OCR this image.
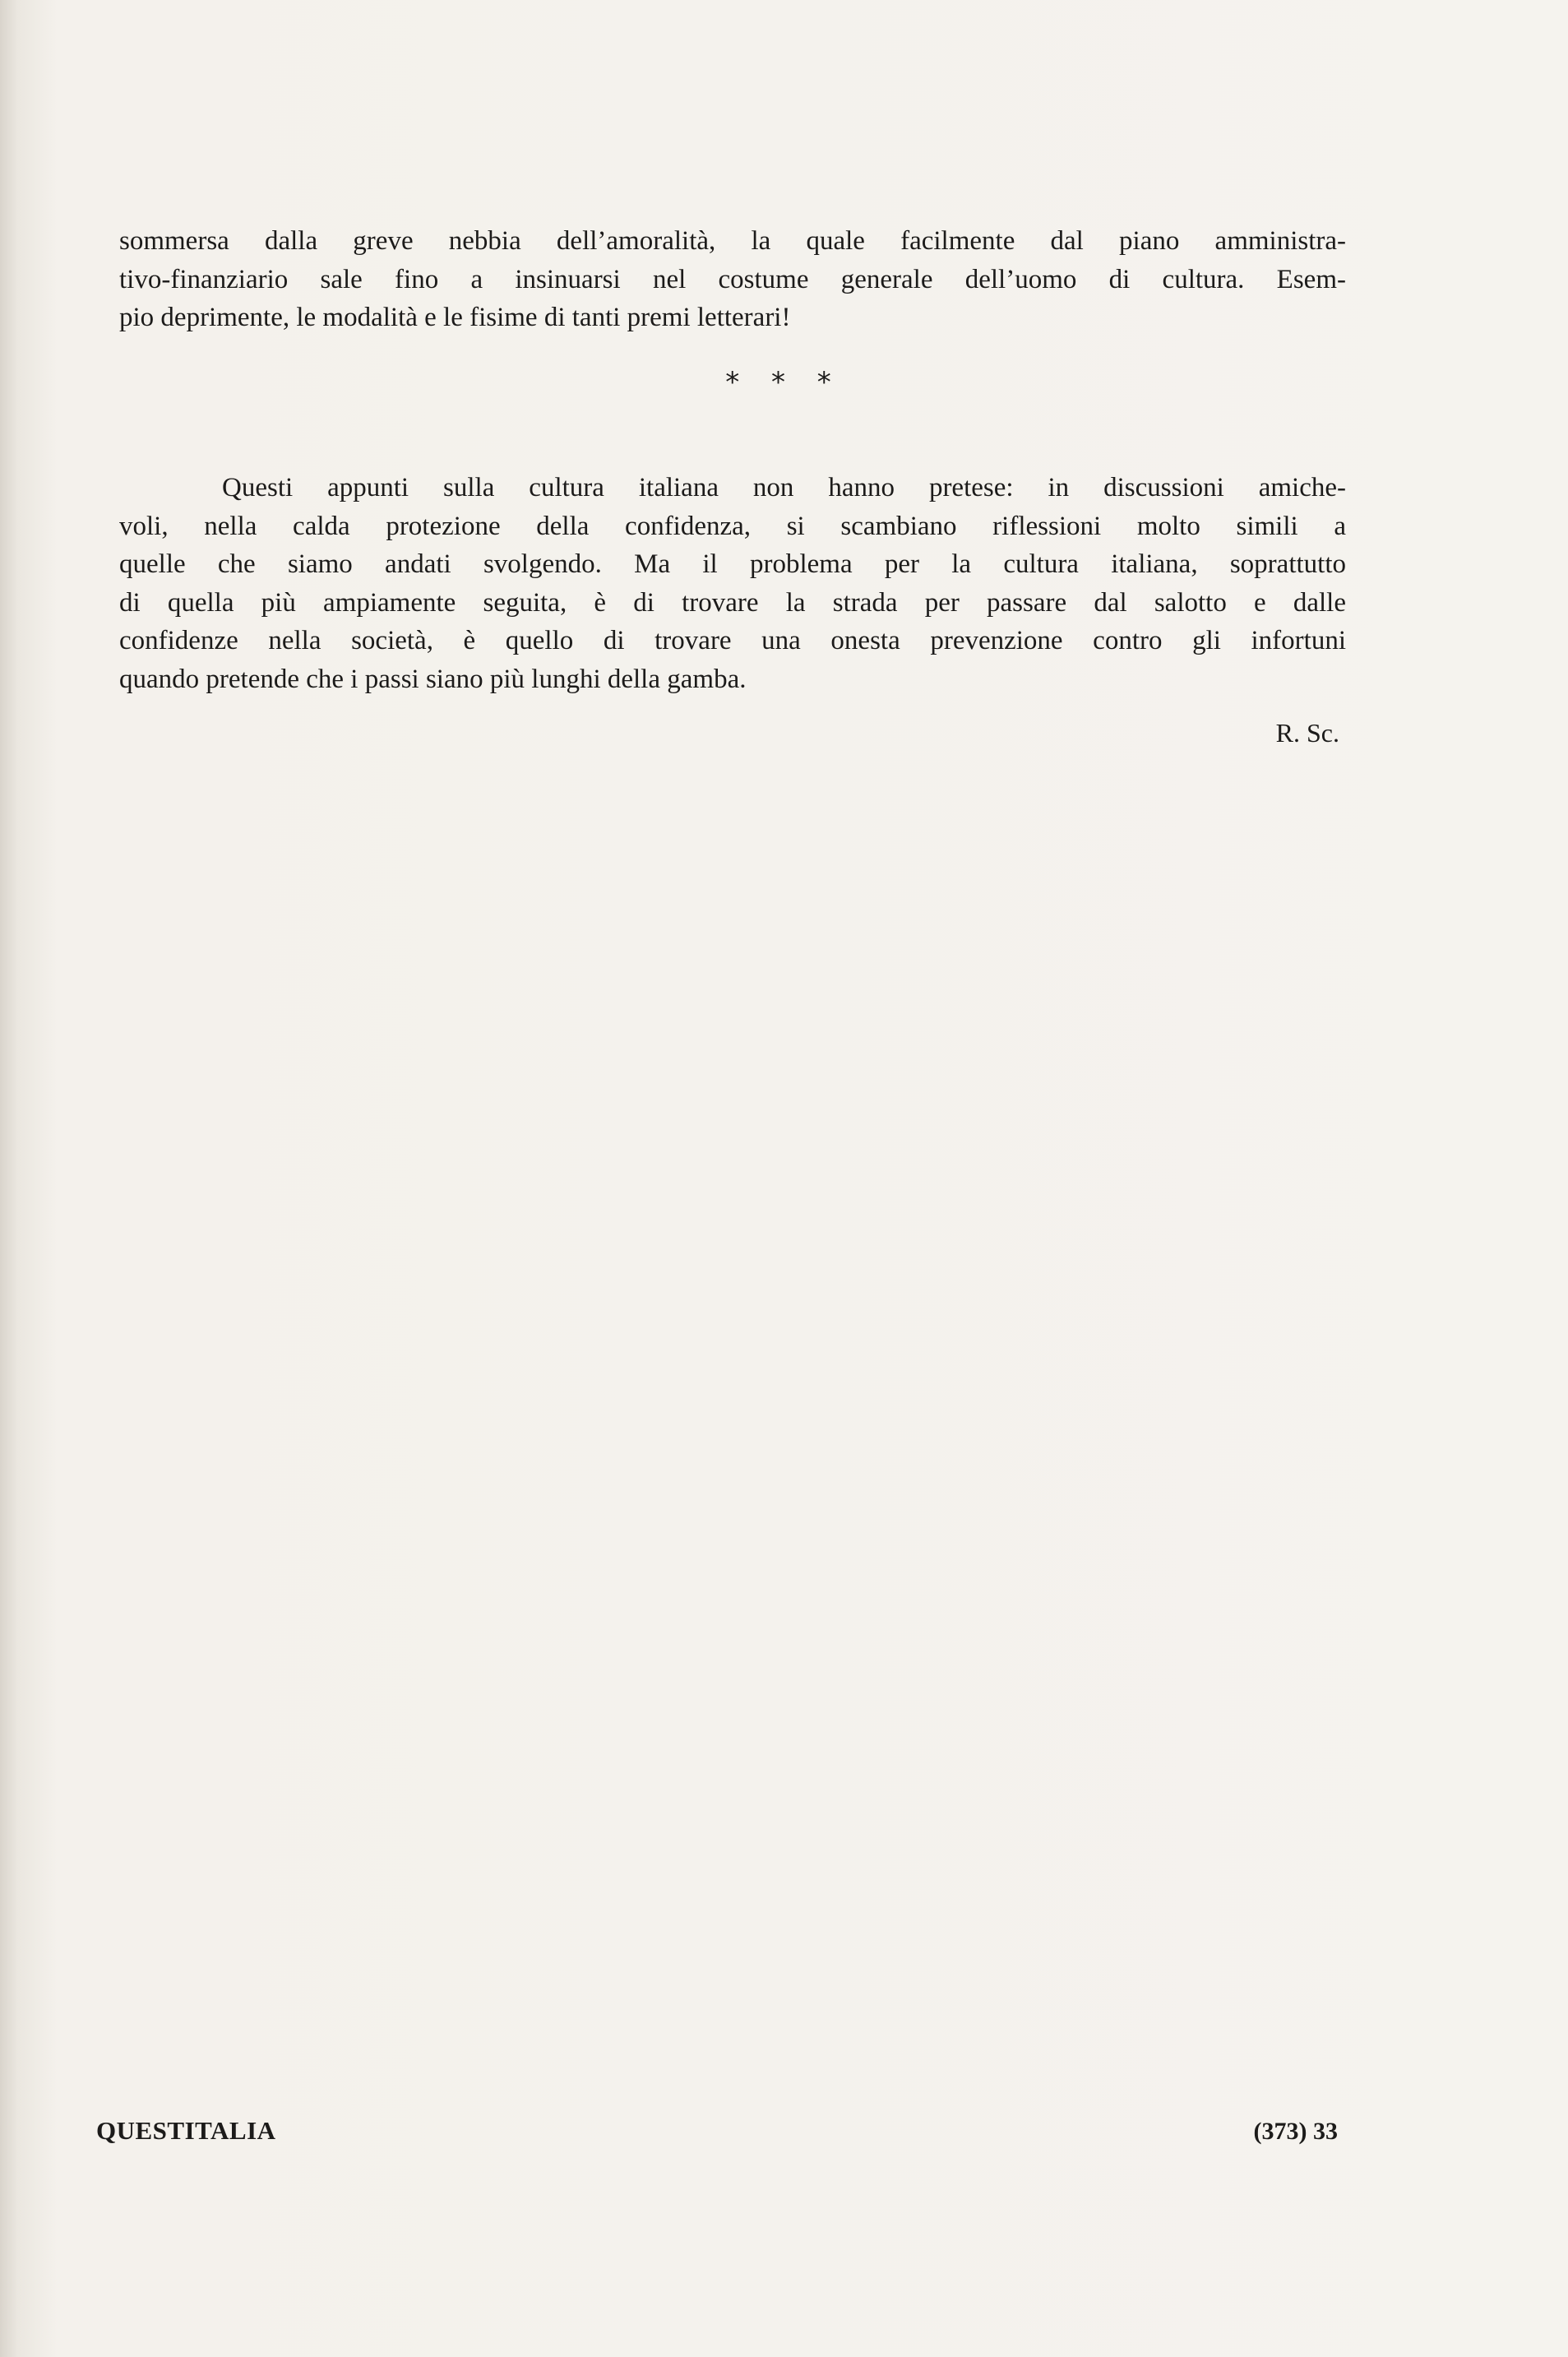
sommersa dalla greve nebbia dell’amoralità, la quale facilmente dal piano amministra-
tivo-finanziario sale fino a insinuarsi nel costume generale dell’uomo di cultura. Esem-
pio deprimente, le modalità e le fisime di tanti premi letterari!
* * *
Questi appunti sulla cultura italiana non hanno pretese: in discussioni amiche-
voli, nella calda protezione della confidenza, si scambiano riflessioni molto simili a
quelle che siamo andati svolgendo. Ma il problema per la cultura italiana, soprattutto
di quella più ampiamente seguita, è di trovare la strada per passare dal salotto e dalle
confidenze nella società, è quello di trovare una onesta prevenzione contro gli infortuni
quando pretende che i passi siano più lunghi della gamba.
R. Sc.
QUESTITALIA	(373) 33
